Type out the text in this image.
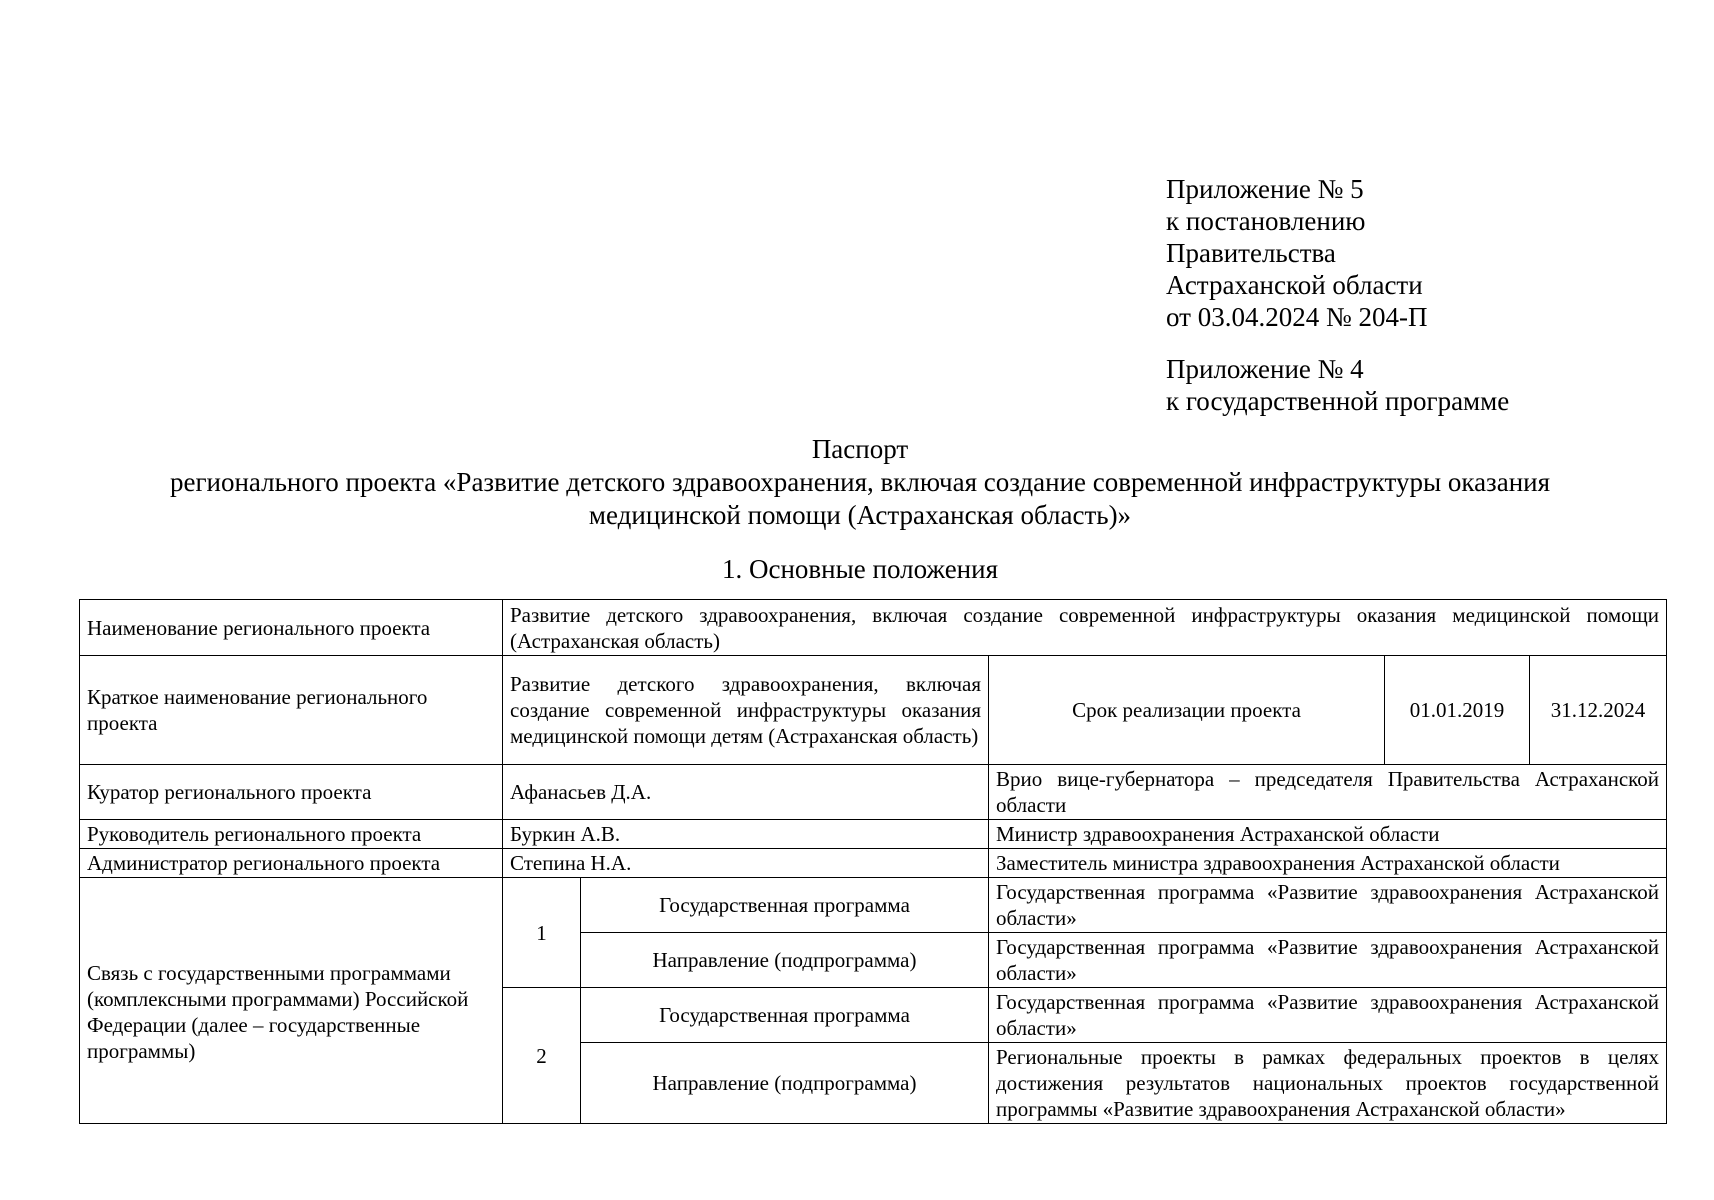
Приложение № 5
к постановлению
Правительства
Астраханской области
от 03.04.2024 № 204-П
Приложение № 4
к государственной программе
Паспорт
регионального проекта «Развитие детского здравоохранения, включая создание современной инфраструктуры оказания
медицинской помощи (Астраханская область)»
1. Основные положения
Наименование регионального проекта	Развитие детского здравоохранения, включая создание современной инфраструктуры оказания медицинской помощи (Астраханская область)				
Краткое наименование регионального проекта	Развитие детского здравоохранения, включая создание современной инфраструктуры оказания медицинской помощи детям (Астраханская область)		Срок реализации проекта	01.01.2019	31.12.2024
Куратор регионального проекта	Афанасьев Д.А.		Врио вице-губернатора – председателя Правительства Астраханской области		
Руководитель регионального проекта	Буркин А.В.		Министр здравоохранения Астраханской области		
Администратор регионального проекта	Степина Н.А.		Заместитель министра здравоохранения Астраханской области		
Связь с государственными программами (комплексными программами) Российской Федерации (далее – государственные программы)	1	Государственная программа	Государственная программа «Развитие здравоохранения Астраханской области»		
		Направление (подпрограмма)	Государственная программа «Развитие здравоохранения Астраханской области»		
	2	Государственная программа	Государственная программа «Развитие здравоохранения Астраханской области»		
		Направление (подпрограмма)	Региональные проекты в рамках федеральных проектов в целях достижения результатов национальных проектов государственной программы «Развитие здравоохранения Астраханской области»		
